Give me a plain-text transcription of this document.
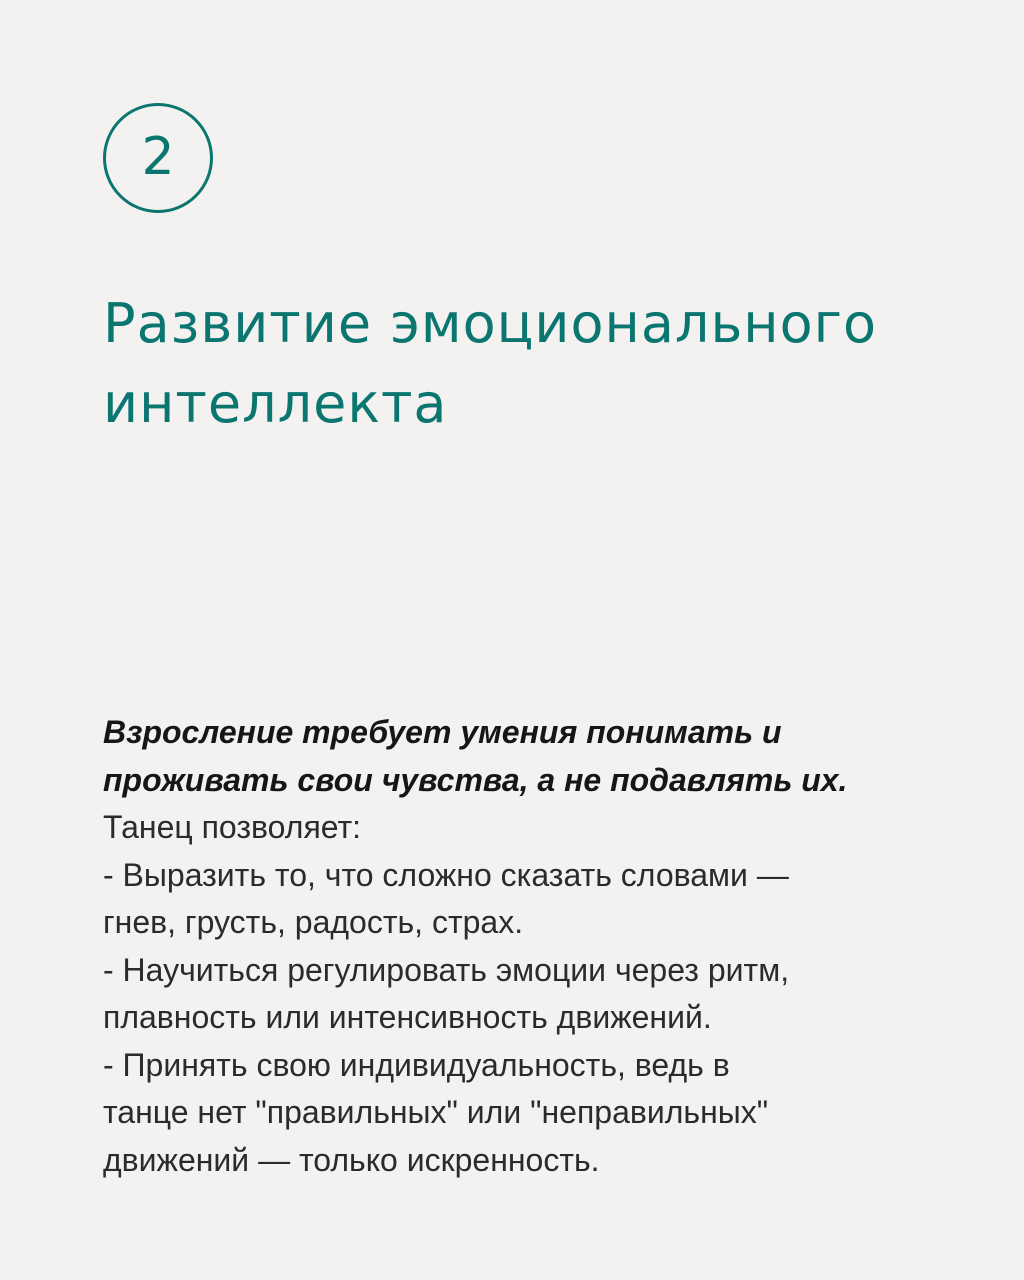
2
Развитие эмоционального
интеллекта

Взросление требует умения понимать и
проживать свои чувства, а не подавлять их.

Танец позволяет:

- Выразить то, что сложно сказать словами —
гнев, грусть, радость, страх.

- Научиться регулировать эмоции через ритм,
плавность или интенсивность движений.

- Принять свою индивидуальность, ведь в
танце нет "правильных" или "неправильных"
движений — только искренность.
